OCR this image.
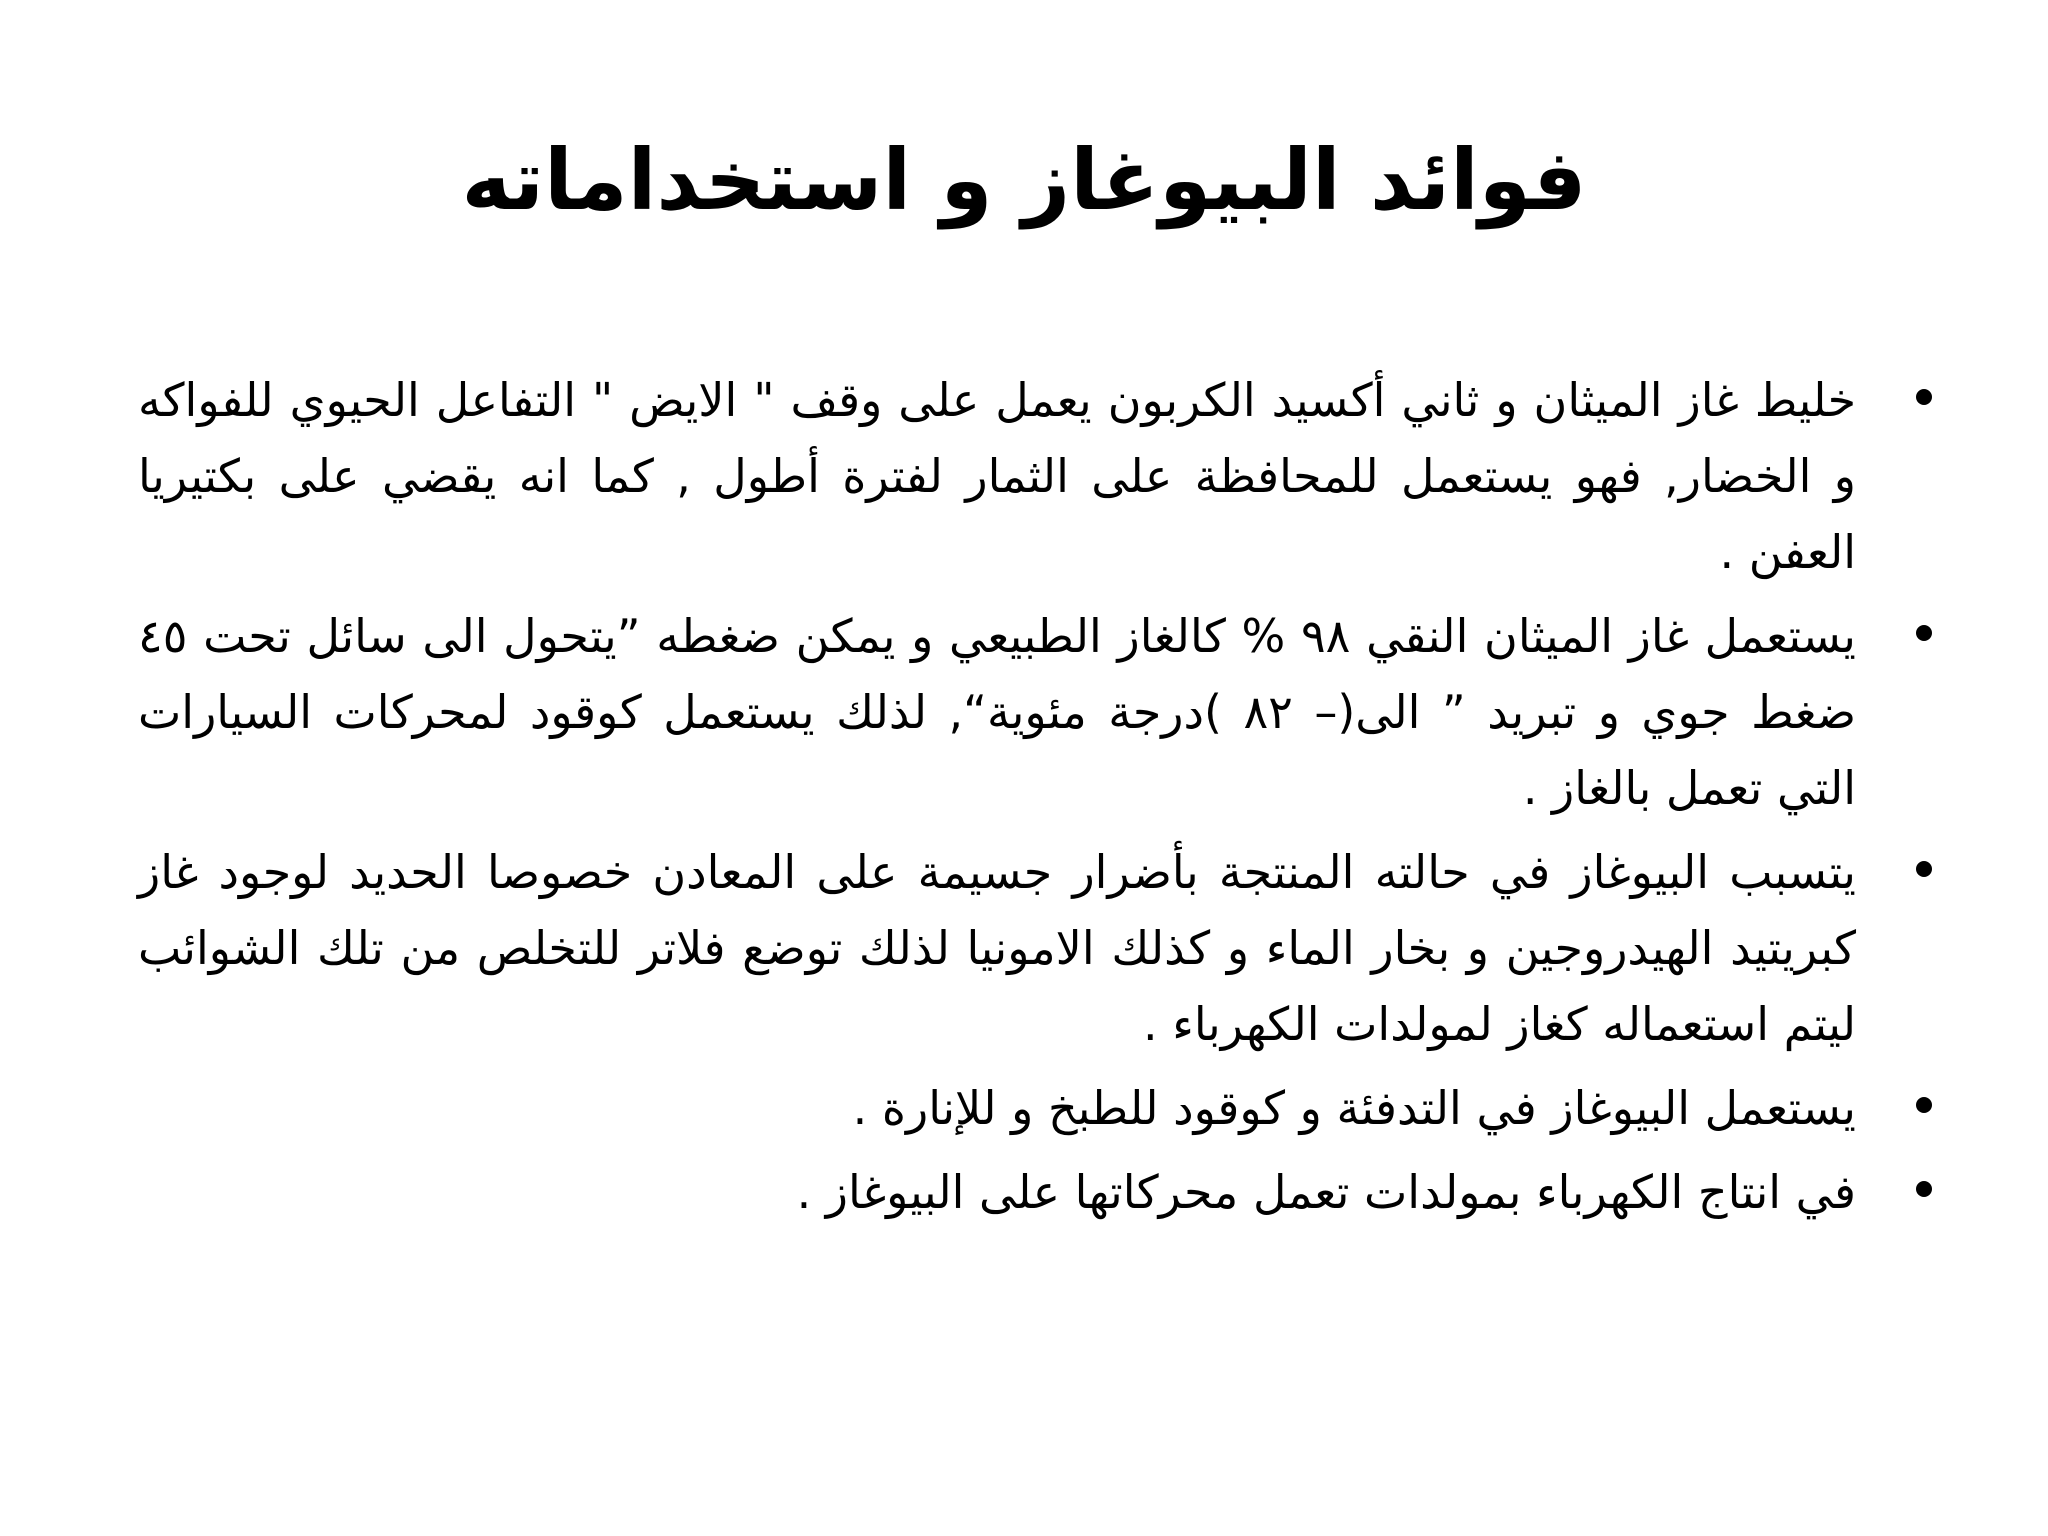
فوائد البيوغاز و استخداماته
خليط غاز الميثان و ثاني أكسيد الكربون يعمل على وقف " الايض " التفاعل الحيوي للفواكه و الخضار, فهو يستعمل للمحافظة على الثمار لفترة أطول , كما انه يقضي على بكتيريا العفن .
يستعمل غاز الميثان النقي ٩٨ % كالغاز الطبيعي و يمكن ضغطه ”يتحول الى سائل تحت ٤٥ ضغط جوي و تبريد ” الى(– ٨٢ )درجة مئوية“, لذلك يستعمل كوقود لمحركات السيارات التي تعمل بالغاز .
يتسبب البيوغاز في حالته المنتجة بأضرار جسيمة على المعادن خصوصا الحديد لوجود غاز كبريتيد الهيدروجين و بخار الماء و كذلك الامونيا لذلك توضع فلاتر للتخلص من تلك الشوائب ليتم استعماله كغاز لمولدات الكهرباء .
يستعمل البيوغاز في التدفئة و كوقود للطبخ و للإنارة .
في انتاج الكهرباء بمولدات تعمل محركاتها على البيوغاز .
